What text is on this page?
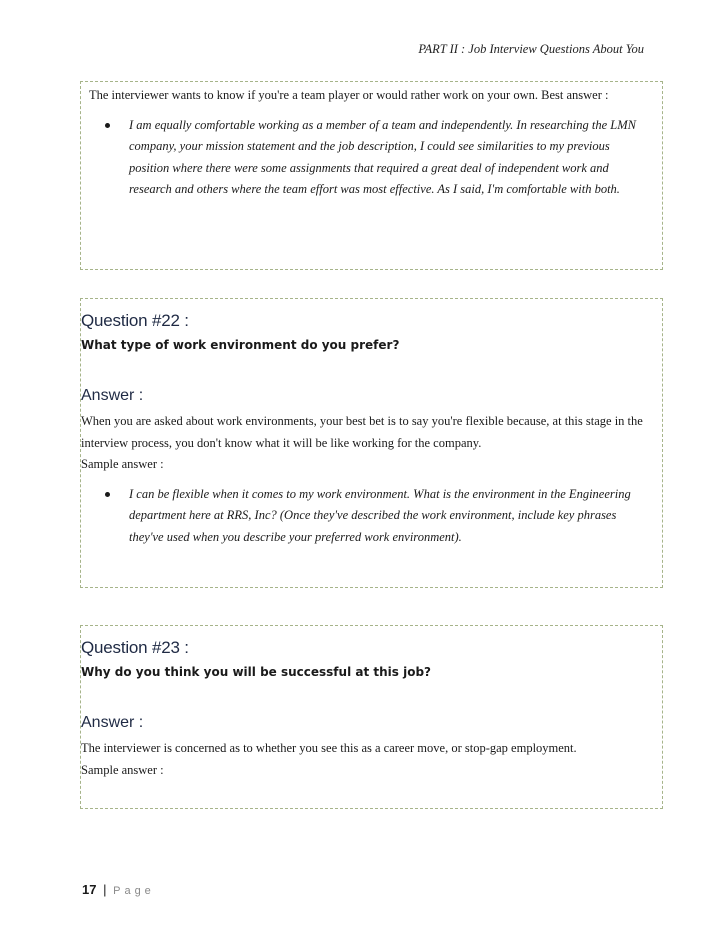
PART II : Job Interview Questions About You

The interviewer wants to know if you're a team player or would rather work on your own. Best answer :

I am equally comfortable working as a member of a team and independently. In researching the LMN company, your mission statement and the job description, I could see similarities to my previous position where there were some assignments that required a great deal of independent work and research and others where the team effort was most effective. As I said, I'm comfortable with both.
Question #22 :
What type of work environment do you prefer?
Answer :

When you are asked about work environments, your best bet is to say you're flexible because, at this stage in the interview process, you don't know what it will be like working for the company.

Sample answer :

I can be flexible when it comes to my work environment. What is the environment in the Engineering department here at RRS, Inc? (Once they've described the work environment, include key phrases they've used when you describe your preferred work environment).
Question #23 :
Why do you think you will be successful at this job?
Answer :

The interviewer is concerned as to whether you see this as a career move, or stop-gap employment.

Sample answer :

17 | Page
